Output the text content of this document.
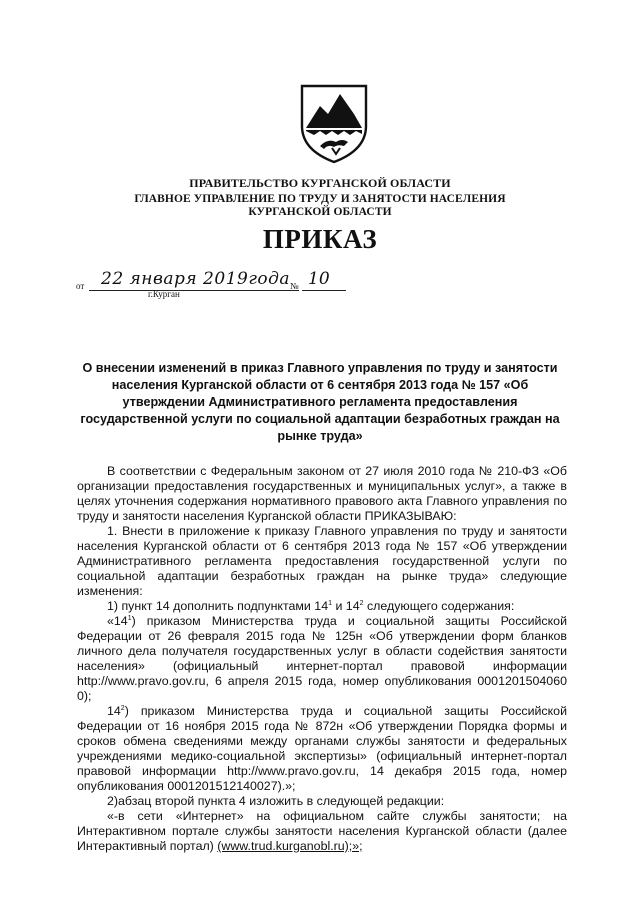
ПРАВИТЕЛЬСТВО КУРГАНСКОЙ ОБЛАСТИ

ГЛАВНОЕ УПРАВЛЕНИЕ ПО ТРУДУ И ЗАНЯТОСТИ НАСЕЛЕНИЯ

КУРГАНСКОЙ ОБЛАСТИ

ПРИКАЗ
от 22 января 2019года № 10
г.Курган

О внесении изменений в приказ Главного управления по труду и занятости населения Курганской области от 6 сентября 2013 года № 157 «Об утверждении Административного регламента предоставления государственной услуги по социальной адаптации безработных граждан на рынке труда»

В соответствии с Федеральным законом от 27 июля 2010 года № 210-ФЗ «Об организации предоставления государственных и муниципальных услуг», а также в целях уточнения содержания нормативного правового акта Главного управления по труду и занятости населения Курганской области ПРИКАЗЫВАЮ:

1. Внести в приложение к приказу Главного управления по труду и занятости населения Курганской области от 6 сентября 2013 года № 157 «Об утверждении Административного регламента предоставления государственной услуги по социальной адаптации безработных граждан на рынке труда» следующие изменения:

1) пункт 14 дополнить подпунктами $14^1$ и $14^2$ следующего содержания:

«$14^1$) приказом Министерства труда и социальной защиты Российской Федерации от 26 февраля 2015 года № 125н «Об утверждении форм бланков личного дела получателя государственных услуг в области содействия занятости населения» (официальный интернет-портал правовой информации http://www.pravo.gov.ru, 6 апреля 2015 года, номер опубликования 0001201504060 0);

$14^2$) приказом Министерства труда и социальной защиты Российской Федерации от 16 ноября 2015 года № 872н «Об утверждении Порядка формы и сроков обмена сведениями между органами службы занятости и федеральных учреждениями медико-социальной экспертизы» (официальный интернет-портал правовой информации http://www.pravo.gov.ru, 14 декабря 2015 года, номер опубликования 0001201512140027).»;

2)абзац второй пункта 4 изложить в следующей редакции:

«-в сети «Интернет» на официальном сайте службы занятости; на Интерактивном портале службы занятости населения Курганской области (далее Интерактивный портал) (www.trud.kurganobl.ru);»;
